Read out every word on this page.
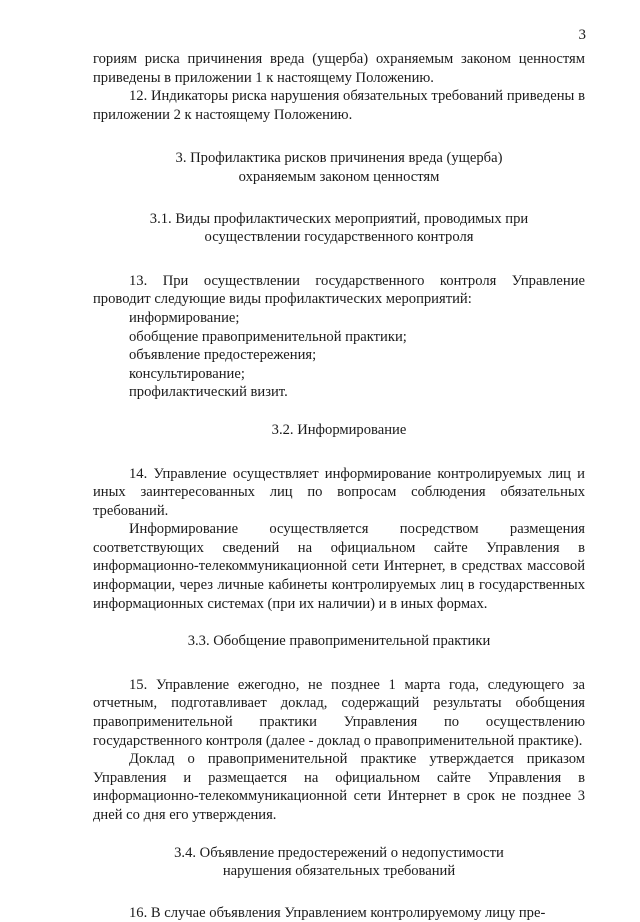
3

гориям риска причинения вреда (ущерба) охраняемым законом ценностям приведены в приложении 1 к настоящему Положению.

12. Индикаторы риска нарушения обязательных требований приведены в приложении 2 к настоящему Положению.

3. Профилактика рисков причинения вреда (ущерба)

охраняемым законом ценностям

3.1. Виды профилактических мероприятий, проводимых при

осуществлении государственного контроля

13. При осуществлении государственного контроля Управление проводит следующие виды профилактических мероприятий:

информирование;

обобщение правоприменительной практики;

объявление предостережения;

консультирование;

профилактический визит.

3.2. Информирование

14. Управление осуществляет информирование контролируемых лиц и иных заинтересованных лиц по вопросам соблюдения обязательных требований.

Информирование осуществляется посредством размещения соответствующих сведений на официальном сайте Управления в информационно-телекоммуникационной сети Интернет, в средствах массовой информации, через личные кабинеты контролируемых лиц в государственных информационных системах (при их наличии) и в иных формах.

3.3. Обобщение правоприменительной практики

15. Управление ежегодно, не позднее 1 марта года, следующего за отчетным, подготавливает доклад, содержащий результаты обобщения правоприменительной практики Управления по осуществлению государственного контроля (далее - доклад о правоприменительной практике).

Доклад о правоприменительной практике утверждается приказом Управления и размещается на официальном сайте Управления в информационно-телекоммуникационной сети Интернет в срок не позднее 3 дней со дня его утверждения.

3.4. Объявление предостережений о недопустимости

нарушения обязательных требований

16. В случае объявления Управлением контролируемому лицу пре-
